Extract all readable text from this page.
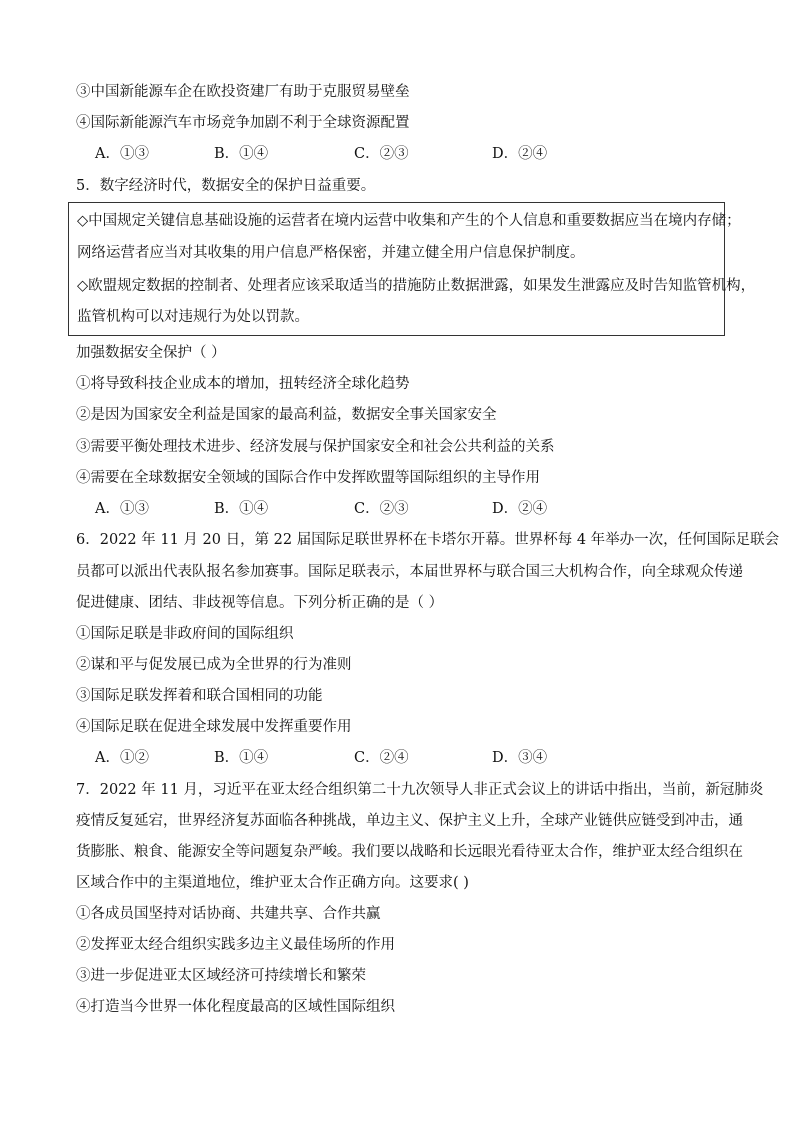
③中国新能源车企在欧投资建厂有助于克服贸易壁垒
④国际新能源汽车市场竞争加剧不利于全球资源配置
A．①③	B．①④	C．②③	D．②④
5．数字经济时代，数据安全的保护日益重要。
◇中国规定关键信息基础设施的运营者在境内运营中收集和产生的个人信息和重要数据应当在境内存储；
网络运营者应当对其收集的用户信息严格保密，并建立健全用户信息保护制度。
◇欧盟规定数据的控制者、处理者应该采取适当的措施防止数据泄露，如果发生泄露应及时告知监管机构，
监管机构可以对违规行为处以罚款。
加强数据安全保护（ ）
①将导致科技企业成本的增加，扭转经济全球化趋势
②是因为国家安全利益是国家的最高利益，数据安全事关国家安全
③需要平衡处理技术进步、经济发展与保护国家安全和社会公共利益的关系
④需要在全球数据安全领域的国际合作中发挥欧盟等国际组织的主导作用
A．①③	B．①④	C．②③	D．②④
6．2022 年 11 月 20 日，第 22 届国际足联世界杯在卡塔尔开幕。世界杯每 4 年举办一次，任何国际足联会
员都可以派出代表队报名参加赛事。国际足联表示，本届世界杯与联合国三大机构合作，向全球观众传递
促进健康、团结、非歧视等信息。下列分析正确的是（ ）
①国际足联是非政府间的国际组织
②谋和平与促发展已成为全世界的行为准则
③国际足联发挥着和联合国相同的功能
④国际足联在促进全球发展中发挥重要作用
A．①②	B．①④	C．②④	D．③④
7．2022 年 11 月，习近平在亚太经合组织第二十九次领导人非正式会议上的讲话中指出，当前，新冠肺炎
疫情反复延宕，世界经济复苏面临各种挑战，单边主义、保护主义上升，全球产业链供应链受到冲击，通
货膨胀、粮食、能源安全等问题复杂严峻。我们要以战略和长远眼光看待亚太合作，维护亚太经合组织在
区域合作中的主渠道地位，维护亚太合作正确方向。这要求( )
①各成员国坚持对话协商、共建共享、合作共赢
②发挥亚太经合组织实践多边主义最佳场所的作用
③进一步促进亚太区域经济可持续增长和繁荣
④打造当今世界一体化程度最高的区域性国际组织
